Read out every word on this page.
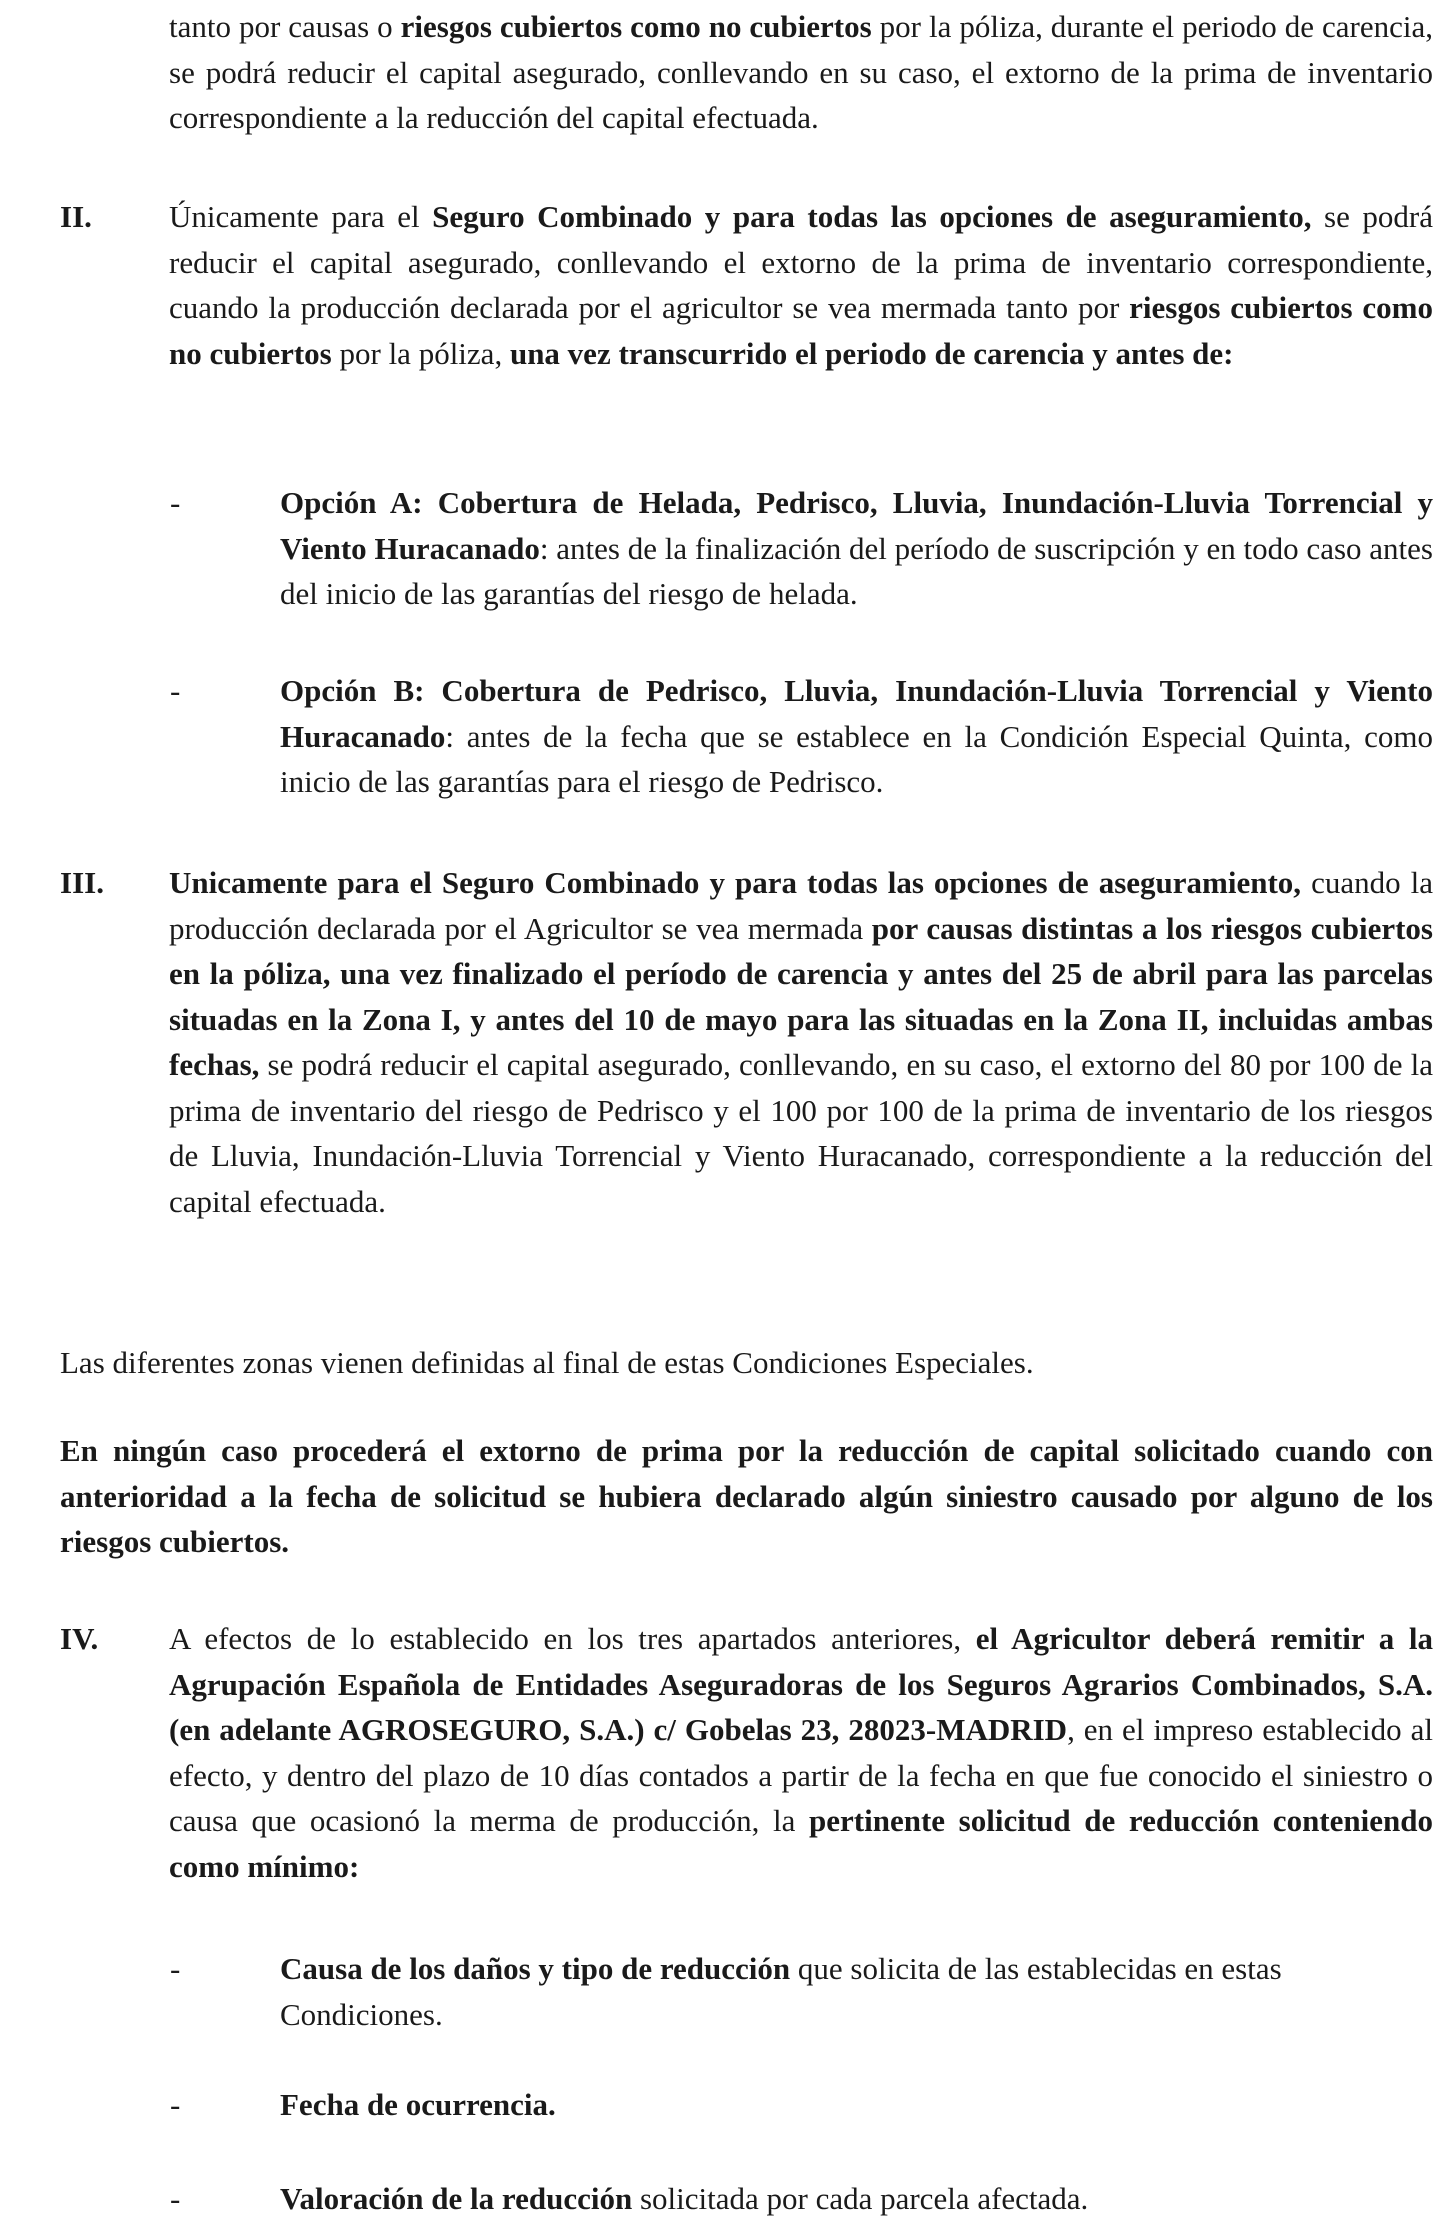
tanto por causas o riesgos cubiertos como no cubiertos por la póliza, durante el periodo de carencia, se podrá reducir el capital asegurado, conllevando en su caso, el extorno de la prima de inventario correspondiente a la reducción del capital efectuada.
II. Únicamente para el Seguro Combinado y para todas las opciones de aseguramiento, se podrá reducir el capital asegurado, conllevando el extorno de la prima de inventario correspondiente, cuando la producción declarada por el agricultor se vea mermada tanto por riesgos cubiertos como no cubiertos por la póliza, una vez transcurrido el periodo de carencia y antes de:
-	Opción A: Cobertura de Helada, Pedrisco, Lluvia, Inundación-Lluvia Torrencial y Viento Huracanado: antes de la finalización del período de suscripción y en todo caso antes del inicio de las garantías del riesgo de helada.
-	Opción B: Cobertura de Pedrisco, Lluvia, Inundación-Lluvia Torrencial y Viento Huracanado: antes de la fecha que se establece en la Condición Especial Quinta, como inicio de las garantías para el riesgo de Pedrisco.
III. Unicamente para el Seguro Combinado y para todas las opciones de aseguramiento, cuando la producción declarada por el Agricultor se vea mermada por causas distintas a los riesgos cubiertos en la póliza, una vez finalizado el período de carencia y antes del 25 de abril para las parcelas situadas en la Zona I, y antes del 10 de mayo para las situadas en la Zona II, incluidas ambas fechas, se podrá reducir el capital asegurado, conllevando, en su caso, el extorno del 80 por 100 de la prima de inventario del riesgo de Pedrisco y el 100 por 100 de la prima de inventario de los riesgos de Lluvia, Inundación-Lluvia Torrencial y Viento Huracanado, correspondiente a la reducción del capital efectuada.
Las diferentes zonas vienen definidas al final de estas Condiciones Especiales.
En ningún caso procederá el extorno de prima por la reducción de capital solicitado cuando con anterioridad a la fecha de solicitud se hubiera declarado algún siniestro causado por alguno de los riesgos cubiertos.
IV. A efectos de lo establecido en los tres apartados anteriores, el Agricultor deberá remitir a la Agrupación Española de Entidades Aseguradoras de los Seguros Agrarios Combinados, S.A. (en adelante AGROSEGURO, S.A.) c/ Gobelas 23, 28023-MADRID, en el impreso establecido al efecto, y dentro del plazo de 10 días contados a partir de la fecha en que fue conocido el siniestro o causa que ocasionó la merma de producción, la pertinente solicitud de reducción conteniendo como mínimo:
-	Causa de los daños y tipo de reducción que solicita de las establecidas en estas Condiciones.
-	Fecha de ocurrencia.
-	Valoración de la reducción solicitada por cada parcela afectada.
